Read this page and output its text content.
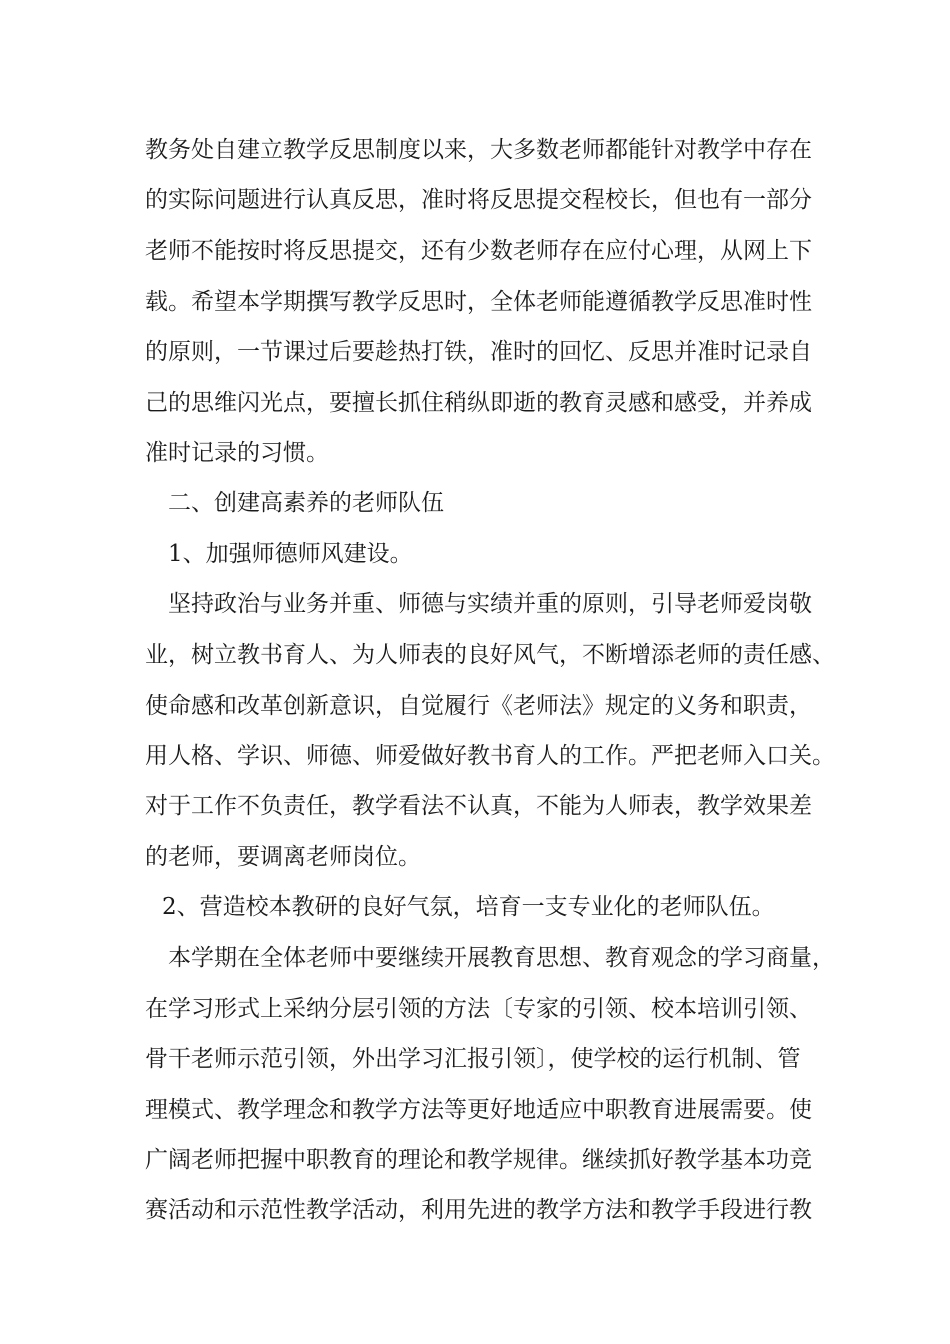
教务处自建立教学反思制度以来，大多数老师都能针对教学中存在
的实际问题进行认真反思，准时将反思提交程校长，但也有一部分
老师不能按时将反思提交，还有少数老师存在应付心理，从网上下
载。希望本学期撰写教学反思时，全体老师能遵循教学反思准时性
的原则，一节课过后要趁热打铁，准时的回忆、反思并准时记录自
己的思维闪光点，要擅长抓住稍纵即逝的教育灵感和感受，并养成
准时记录的习惯。
二、创建高素养的老师队伍
1、加强师德师风建设。
坚持政治与业务并重、师德与实绩并重的原则，引导老师爱岗敬
业，树立教书育人、为人师表的良好风气，不断增添老师的责任感、
使命感和改革创新意识，自觉履行《老师法》规定的义务和职责，
用人格、学识、师德、师爱做好教书育人的工作。严把老师入口关。
对于工作不负责任，教学看法不认真，不能为人师表，教学效果差
的老师，要调离老师岗位。
2、营造校本教研的良好气氛，培育一支专业化的老师队伍。
本学期在全体老师中要继续开展教育思想、教育观念的学习商量，
在学习形式上采纳分层引领的方法〔专家的引领、校本培训引领、
骨干老师示范引领，外出学习汇报引领〕，使学校的运行机制、管
理模式、教学理念和教学方法等更好地适应中职教育进展需要。使
广阔老师把握中职教育的理论和教学规律。继续抓好教学基本功竞
赛活动和示范性教学活动，利用先进的教学方法和教学手段进行教
